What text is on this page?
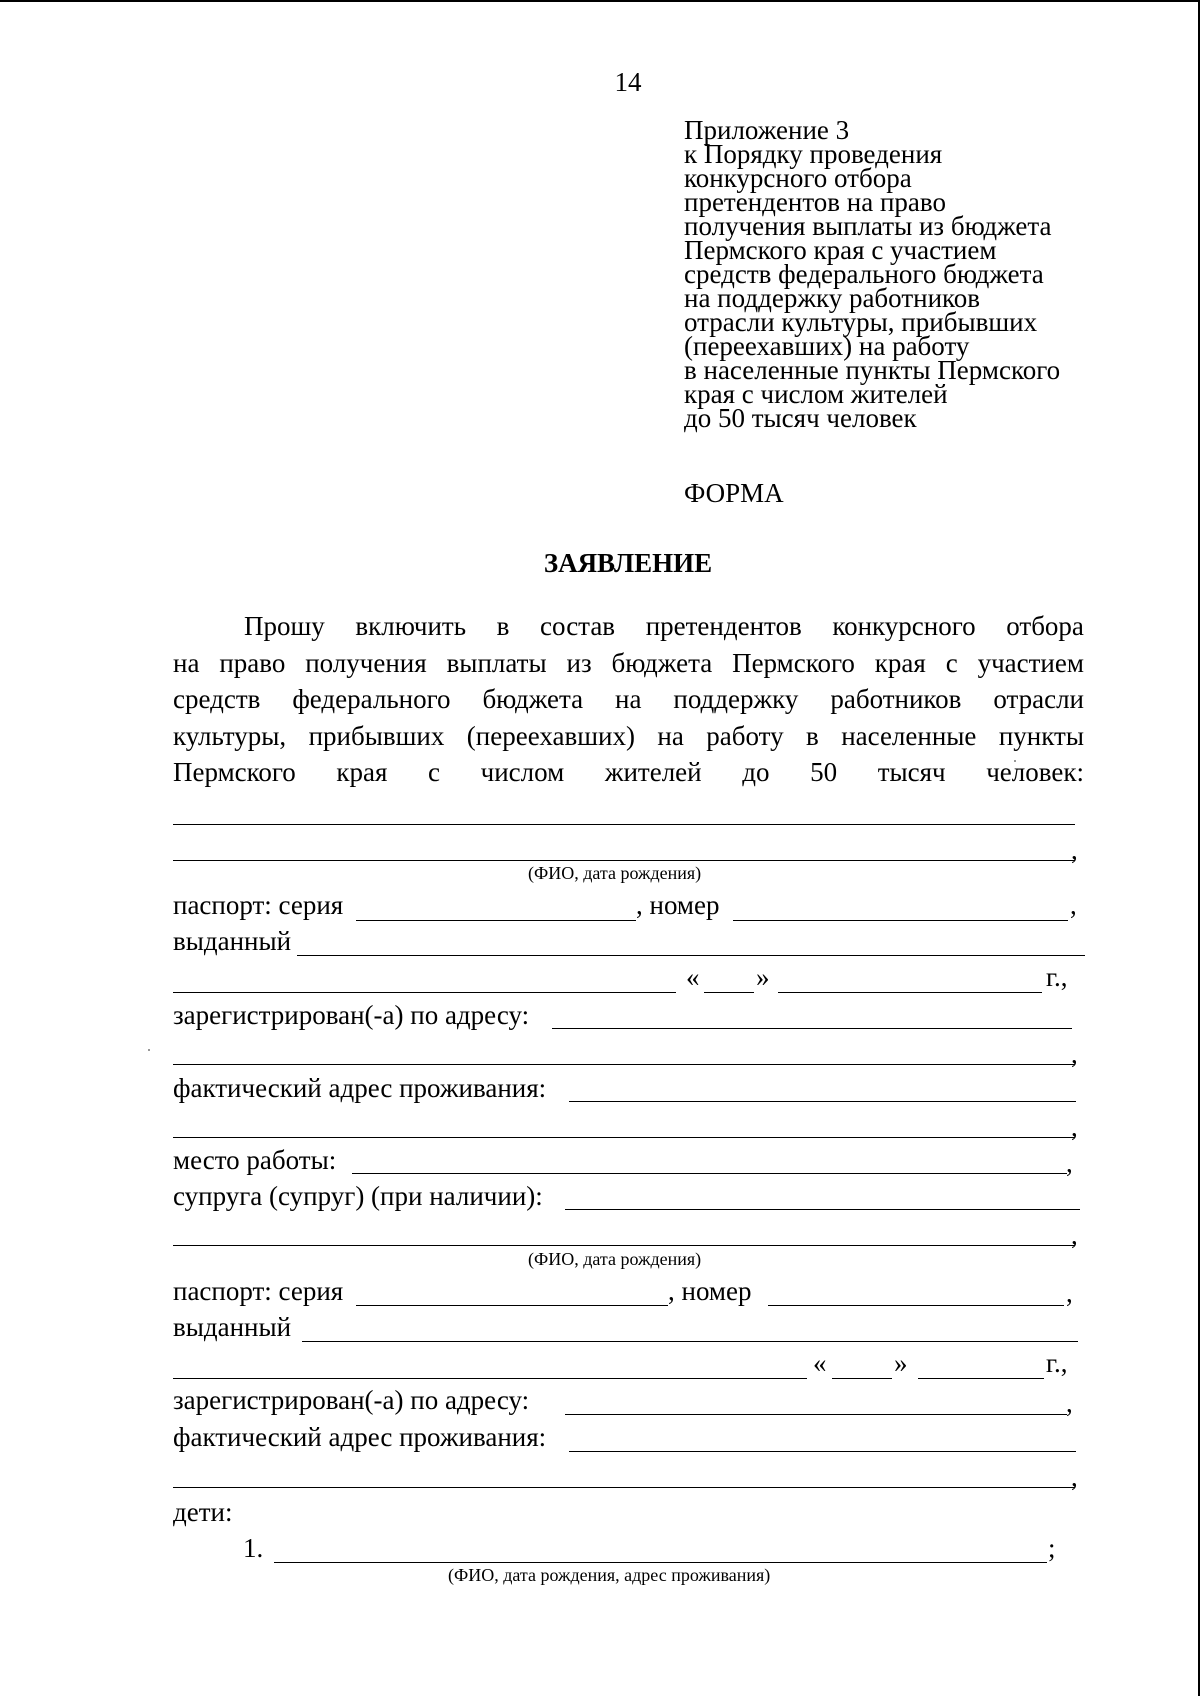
14
Приложение 3
к Порядку проведения
конкурсного отбора
претендентов на право
получения выплаты из бюджета
Пермского края с участием
средств федерального бюджета
на поддержку работников
отрасли культуры, прибывших
(переехавших) на работу
в населенные пункты Пермского
края с числом жителей
до 50 тысяч человек
ФОРМА
ЗАЯВЛЕНИЕ
Прошу включить в состав претендентов конкурсного отбора
на право получения выплаты из бюджета Пермского края с участием
средств федерального бюджета на поддержку работников отрасли
культуры, прибывших (переехавших) на работу в населенные пункты
Пермского края с числом жителей до 50 тысяч человек:
,
(ФИО, дата рождения)
паспорт: серия	, номер	,
выданный
« »	г.,
зарегистрирован(-а) по адресу:
,
фактический адрес проживания:
,
место работы:	,
супруга (супруг) (при наличии):
,
(ФИО, дата рождения)
паспорт: серия	, номер	,
выданный
«	»	г.,
зарегистрирован(-а) по адресу:	,
фактический адрес проживания:
,
дети:
1.	;
(ФИО, дата рождения, адрес проживания)
